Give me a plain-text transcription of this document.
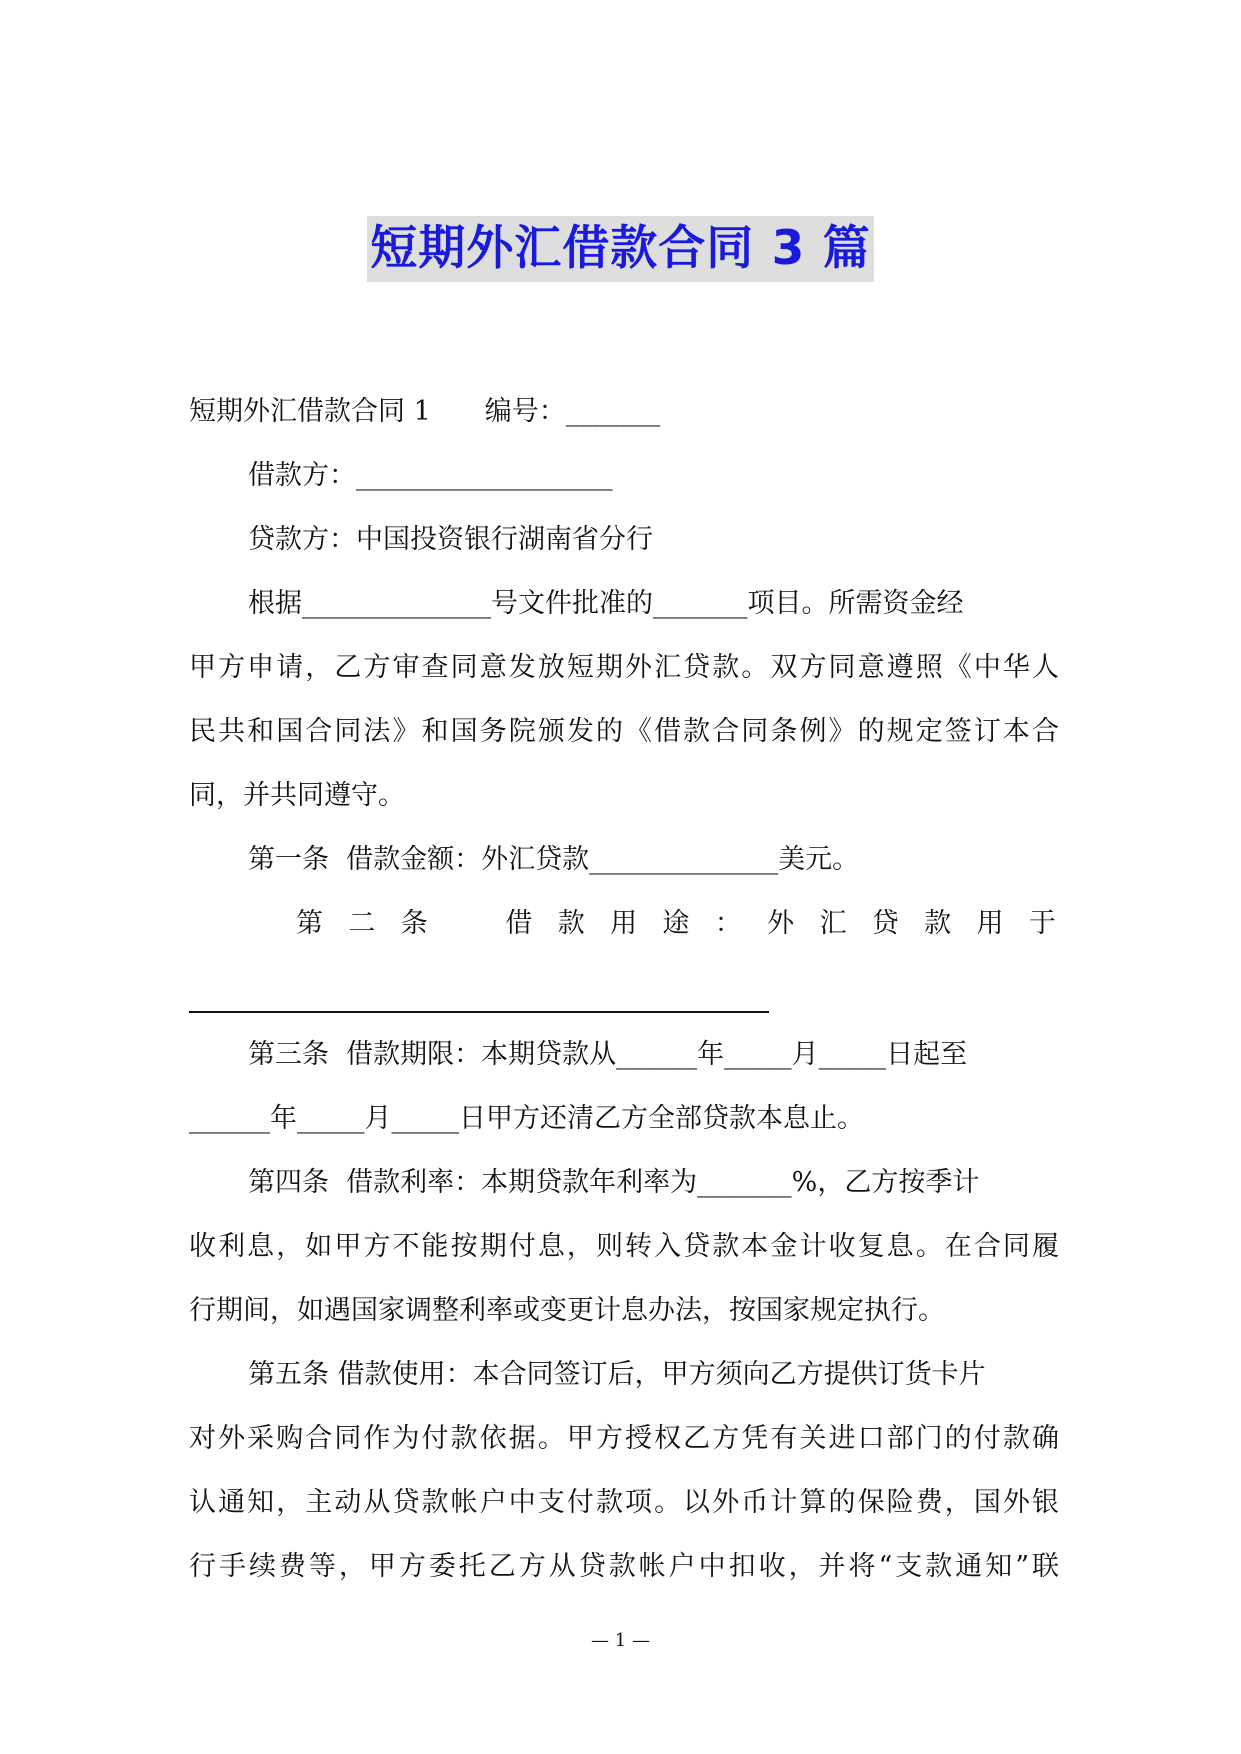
短期外汇借款合同 3 篇
短期外汇借款合同 1　　编号：_______
借款方：___________________
贷款方：中国投资银行湖南省分行
根据______________号文件批准的_______项目。所需资金经
甲方申请，乙方审查同意发放短期外汇贷款。双方同意遵照《中华人
民共和国合同法》和国务院颁发的《借款合同条例》的规定签订本合
同，并共同遵守。
第一条  借款金额：外汇贷款______________美元。
第 二 条
　	借 款 用 途 ： 外 汇 贷 款 用 于
第三条  借款期限：本期贷款从______年_____月_____日起至
______年_____月_____日甲方还清乙方全部贷款本息止。
第四条  借款利率：本期贷款年利率为_______%，乙方按季计
收利息，如甲方不能按期付息，则转入贷款本金计收复息。在合同履
行期间，如遇国家调整利率或变更计息办法，按国家规定执行。
第五条 借款使用：本合同签订后，甲方须向乙方提供订货卡片
对外采购合同作为付款依据。甲方授权乙方凭有关进口部门的付款确
认通知，主动从贷款帐户中支付款项。以外币计算的保险费，国外银
行手续费等，甲方委托乙方从贷款帐户中扣收，并将“支款通知”联
— 1 —
